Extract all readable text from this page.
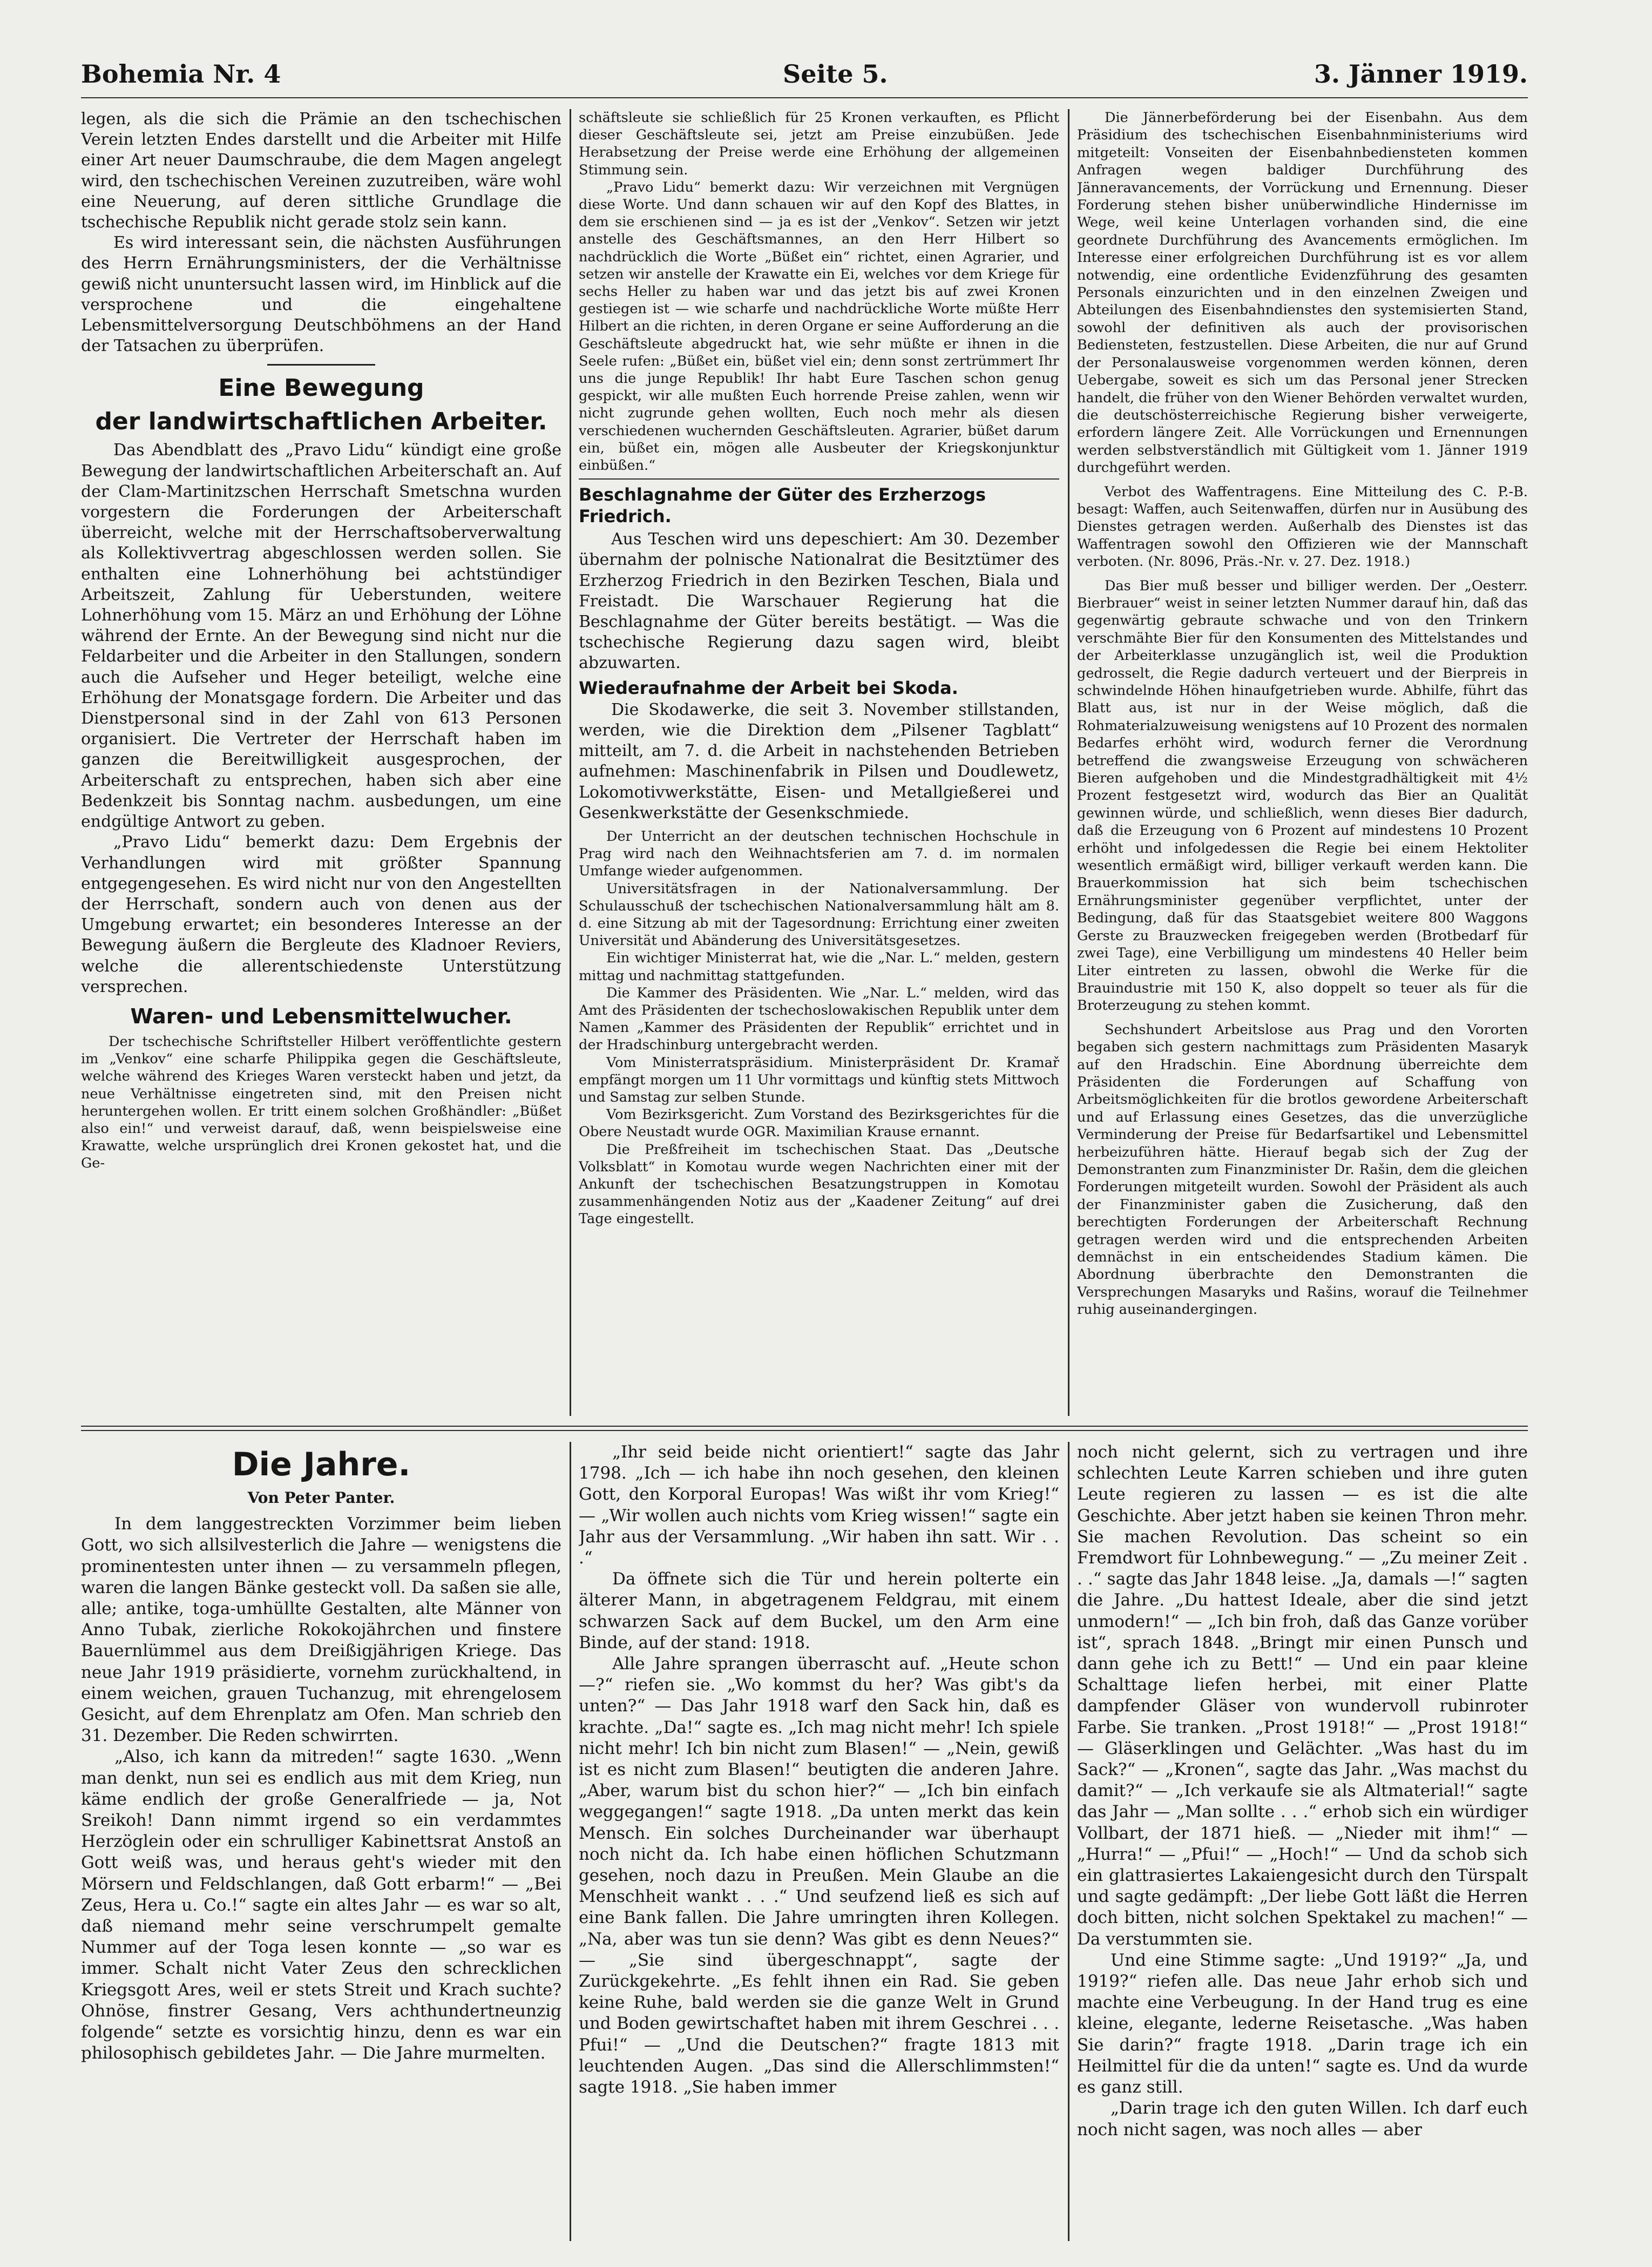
Bohemia Nr. 4	Seite 5.	3. Jänner 1919.

legen, als die sich die Prämie an den tschechischen Verein letzten Endes darstellt und die Arbeiter mit Hilfe einer Art neuer Daumschraube, die dem Magen angelegt wird, den tschechischen Vereinen zuzutreiben, wäre wohl eine Neuerung, auf deren sittliche Grundlage die tschechische Republik nicht gerade stolz sein kann.

Es wird interessant sein, die nächsten Ausführungen des Herrn Ernährungsministers, der die Verhältnisse gewiß nicht ununtersucht lassen wird, im Hinblick auf die versprochene und die eingehaltene Lebensmittelversorgung Deutschböhmens an der Hand der Tatsachen zu überprüfen.

Eine Bewegung
der landwirtschaftlichen Arbeiter.

Das Abendblatt des „Pravo Lidu“ kündigt eine große Bewegung der landwirtschaftlichen Arbeiterschaft an. Auf der Clam-Martinitzschen Herrschaft Smetschna wurden vorgestern die Forderungen der Arbeiterschaft überreicht, welche mit der Herrschaftsoberverwaltung als Kollektivvertrag abgeschlossen werden sollen. Sie enthalten eine Lohnerhöhung bei achtstündiger Arbeitszeit, Zahlung für Ueberstunden, weitere Lohnerhöhung vom 15. März an und Erhöhung der Löhne während der Ernte. An der Bewegung sind nicht nur die Feldarbeiter und die Arbeiter in den Stallungen, sondern auch die Aufseher und Heger beteiligt, welche eine Erhöhung der Monatsgage fordern. Die Arbeiter und das Dienstpersonal sind in der Zahl von 613 Personen organisiert. Die Vertreter der Herrschaft haben im ganzen die Bereitwilligkeit ausgesprochen, der Arbeiterschaft zu entsprechen, haben sich aber eine Bedenkzeit bis Sonntag nachm. ausbedungen, um eine endgültige Antwort zu geben.

„Pravo Lidu“ bemerkt dazu: Dem Ergebnis der Verhandlungen wird mit größter Spannung entgegengesehen. Es wird nicht nur von den Angestellten der Herrschaft, sondern auch von denen aus der Umgebung erwartet; ein besonderes Interesse an der Bewegung äußern die Bergleute des Kladnoer Reviers, welche die allerentschiedenste Unterstützung versprechen.

Waren- und Lebensmittelwucher.

Der tschechische Schriftsteller Hilbert veröffentlichte gestern im „Venkov“ eine scharfe Philippika gegen die Geschäftsleute, welche während des Krieges Waren versteckt haben und jetzt, da neue Verhältnisse eingetreten sind, mit den Preisen nicht heruntergehen wollen. Er tritt einem solchen Großhändler: „Büßet also ein!“ und verweist darauf, daß, wenn beispielsweise eine Krawatte, welche ursprünglich drei Kronen gekostet hat, und die Ge-

schäftsleute sie schließlich für 25 Kronen verkauften, es Pflicht dieser Geschäftsleute sei, jetzt am Preise einzubüßen. Jede Herabsetzung der Preise werde eine Erhöhung der allgemeinen Stimmung sein.

„Pravo Lidu“ bemerkt dazu: Wir verzeichnen mit Vergnügen diese Worte. Und dann schauen wir auf den Kopf des Blattes, in dem sie erschienen sind — ja es ist der „Venkov“. Setzen wir jetzt anstelle des Geschäftsmannes, an den Herr Hilbert so nachdrücklich die Worte „Büßet ein“ richtet, einen Agrarier, und setzen wir anstelle der Krawatte ein Ei, welches vor dem Kriege für sechs Heller zu haben war und das jetzt bis auf zwei Kronen gestiegen ist — wie scharfe und nachdrückliche Worte müßte Herr Hilbert an die richten, in deren Organe er seine Aufforderung an die Geschäftsleute abgedruckt hat, wie sehr müßte er ihnen in die Seele rufen: „Büßet ein, büßet viel ein; denn sonst zertrümmert Ihr uns die junge Republik! Ihr habt Eure Taschen schon genug gespickt, wir alle mußten Euch horrende Preise zahlen, wenn wir nicht zugrunde gehen wollten, Euch noch mehr als diesen verschiedenen wuchernden Geschäftsleuten. Agrarier, büßet darum ein, büßet ein, mögen alle Ausbeuter der Kriegskonjunktur einbüßen.“

Beschlagnahme der Güter des Erzherzogs Friedrich.

Aus Teschen wird uns depeschiert: Am 30. Dezember übernahm der polnische Nationalrat die Besitztümer des Erzherzog Friedrich in den Bezirken Teschen, Biala und Freistadt. Die Warschauer Regierung hat die Beschlagnahme der Güter bereits bestätigt. — Was die tschechische Regierung dazu sagen wird, bleibt abzuwarten.

Wiederaufnahme der Arbeit bei Skoda.

Die Skodawerke, die seit 3. November stillstanden, werden, wie die Direktion dem „Pilsener Tagblatt“ mitteilt, am 7. d. die Arbeit in nachstehenden Betrieben aufnehmen: Maschinenfabrik in Pilsen und Doudlewetz, Lokomotivwerkstätte, Eisen- und Metallgießerei und Gesenkwerkstätte der Gesenkschmiede.

Der Unterricht an der deutschen technischen Hochschule in Prag wird nach den Weihnachtsferien am 7. d. im normalen Umfange wieder aufgenommen.

Universitätsfragen in der Nationalversammlung. Der Schulausschuß der tschechischen Nationalversammlung hält am 8. d. eine Sitzung ab mit der Tagesordnung: Errichtung einer zweiten Universität und Abänderung des Universitätsgesetzes.

Ein wichtiger Ministerrat hat, wie die „Nar. L.“ melden, gestern mittag und nachmittag stattgefunden.

Die Kammer des Präsidenten. Wie „Nar. L.“ melden, wird das Amt des Präsidenten der tschechoslowakischen Republik unter dem Namen „Kammer des Präsidenten der Republik“ errichtet und in der Hradschinburg untergebracht werden.

Vom Ministerratspräsidium. Ministerpräsident Dr. Kramař empfängt morgen um 11 Uhr vormittags und künftig stets Mittwoch und Samstag zur selben Stunde.

Vom Bezirksgericht. Zum Vorstand des Bezirksgerichtes für die Obere Neustadt wurde OGR. Maximilian Krause ernannt.

Die Preßfreiheit im tschechischen Staat. Das „Deutsche Volksblatt“ in Komotau wurde wegen Nachrichten einer mit der Ankunft der tschechischen Besatzungstruppen in Komotau zusammenhängenden Notiz aus der „Kaadener Zeitung“ auf drei Tage eingestellt.

Die Jännerbeförderung bei der Eisenbahn. Aus dem Präsidium des tschechischen Eisenbahnministeriums wird mitgeteilt: Vonseiten der Eisenbahnbediensteten kommen Anfragen wegen baldiger Durchführung des Jänneravancements, der Vorrückung und Ernennung. Dieser Forderung stehen bisher unüberwindliche Hindernisse im Wege, weil keine Unterlagen vorhanden sind, die eine geordnete Durchführung des Avancements ermöglichen. Im Interesse einer erfolgreichen Durchführung ist es vor allem notwendig, eine ordentliche Evidenzführung des gesamten Personals einzurichten und in den einzelnen Zweigen und Abteilungen des Eisenbahndienstes den systemisierten Stand, sowohl der definitiven als auch der provisorischen Bediensteten, festzustellen. Diese Arbeiten, die nur auf Grund der Personalausweise vorgenommen werden können, deren Uebergabe, soweit es sich um das Personal jener Strecken handelt, die früher von den Wiener Behörden verwaltet wurden, die deutschösterreichische Regierung bisher verweigerte, erfordern längere Zeit. Alle Vorrückungen und Ernennungen werden selbstverständlich mit Gültigkeit vom 1. Jänner 1919 durchgeführt werden.

Verbot des Waffentragens. Eine Mitteilung des C. P.-B. besagt: Waffen, auch Seitenwaffen, dürfen nur in Ausübung des Dienstes getragen werden. Außerhalb des Dienstes ist das Waffentragen sowohl den Offizieren wie der Mannschaft verboten. (Nr. 8096, Präs.-Nr. v. 27. Dez. 1918.)

Das Bier muß besser und billiger werden. Der „Oesterr. Bierbrauer“ weist in seiner letzten Nummer darauf hin, daß das gegenwärtig gebraute schwache und von den Trinkern verschmähte Bier für den Konsumenten des Mittelstandes und der Arbeiterklasse unzugänglich ist, weil die Produktion gedrosselt, die Regie dadurch verteuert und der Bierpreis in schwindelnde Höhen hinaufgetrieben wurde. Abhilfe, führt das Blatt aus, ist nur in der Weise möglich, daß die Rohmaterialzuweisung wenigstens auf 10 Prozent des normalen Bedarfes erhöht wird, wodurch ferner die Verordnung betreffend die zwangsweise Erzeugung von schwächeren Bieren aufgehoben und die Mindestgradhältigkeit mit 4½ Prozent festgesetzt wird, wodurch das Bier an Qualität gewinnen würde, und schließlich, wenn dieses Bier dadurch, daß die Erzeugung von 6 Prozent auf mindestens 10 Prozent erhöht und infolgedessen die Regie bei einem Hektoliter wesentlich ermäßigt wird, billiger verkauft werden kann. Die Brauerkommission hat sich beim tschechischen Ernährungsminister gegenüber verpflichtet, unter der Bedingung, daß für das Staatsgebiet weitere 800 Waggons Gerste zu Brauzwecken freigegeben werden (Brotbedarf für zwei Tage), eine Verbilligung um mindestens 40 Heller beim Liter eintreten zu lassen, obwohl die Werke für die Brauindustrie mit 150 K, also doppelt so teuer als für die Broterzeugung zu stehen kommt.

Sechshundert Arbeitslose aus Prag und den Vororten begaben sich gestern nachmittags zum Präsidenten Masaryk auf den Hradschin. Eine Abordnung überreichte dem Präsidenten die Forderungen auf Schaffung von Arbeitsmöglichkeiten für die brotlos gewordene Arbeiterschaft und auf Erlassung eines Gesetzes, das die unverzügliche Verminderung der Preise für Bedarfsartikel und Lebensmittel herbeizuführen hätte. Hierauf begab sich der Zug der Demonstranten zum Finanzminister Dr. Rašin, dem die gleichen Forderungen mitgeteilt wurden. Sowohl der Präsident als auch der Finanzminister gaben die Zusicherung, daß den berechtigten Forderungen der Arbeiterschaft Rechnung getragen werden wird und die entsprechenden Arbeiten demnächst in ein entscheidendes Stadium kämen. Die Abordnung überbrachte den Demonstranten die Versprechungen Masaryks und Rašins, worauf die Teilnehmer ruhig auseinandergingen.

Die Jahre.
Von Peter Panter.

In dem langgestreckten Vorzimmer beim lieben Gott, wo sich allsilvesterlich die Jahre — wenigstens die prominentesten unter ihnen — zu versammeln pflegen, waren die langen Bänke gesteckt voll. Da saßen sie alle, alle; antike, toga-umhüllte Gestalten, alte Männer von Anno Tubak, zierliche Rokokojährchen und finstere Bauernlümmel aus dem Dreißigjährigen Kriege. Das neue Jahr 1919 präsidierte, vornehm zurückhaltend, in einem weichen, grauen Tuchanzug, mit ehrengelosem Gesicht, auf dem Ehrenplatz am Ofen. Man schrieb den 31. Dezember. Die Reden schwirrten.

„Also, ich kann da mitreden!“ sagte 1630. „Wenn man denkt, nun sei es endlich aus mit dem Krieg, nun käme endlich der große Generalfriede — ja, Not Sreikoh! Dann nimmt irgend so ein verdammtes Herzöglein oder ein schrulliger Kabinettsrat Anstoß an Gott weiß was, und heraus geht's wieder mit den Mörsern und Feldschlangen, daß Gott erbarm!“ — „Bei Zeus, Hera u. Co.!“ sagte ein altes Jahr — es war so alt, daß niemand mehr seine verschrumpelt gemalte Nummer auf der Toga lesen konnte — „so war es immer. Schalt nicht Vater Zeus den schrecklichen Kriegsgott Ares, weil er stets Streit und Krach suchte? Ohnöse, finstrer Gesang, Vers achthundertneunzig folgende“ setzte es vorsichtig hinzu, denn es war ein philosophisch gebildetes Jahr. — Die Jahre murmelten.

„Ihr seid beide nicht orientiert!“ sagte das Jahr 1798. „Ich — ich habe ihn noch gesehen, den kleinen Gott, den Korporal Europas! Was wißt ihr vom Krieg!“ — „Wir wollen auch nichts vom Krieg wissen!“ sagte ein Jahr aus der Versammlung. „Wir haben ihn satt. Wir . . .“

Da öffnete sich die Tür und herein polterte ein älterer Mann, in abgetragenem Feldgrau, mit einem schwarzen Sack auf dem Buckel, um den Arm eine Binde, auf der stand: 1918.

Alle Jahre sprangen überrascht auf. „Heute schon —?“ riefen sie. „Wo kommst du her? Was gibt's da unten?“ — Das Jahr 1918 warf den Sack hin, daß es krachte. „Da!“ sagte es. „Ich mag nicht mehr! Ich spiele nicht mehr! Ich bin nicht zum Blasen!“ — „Nein, gewiß ist es nicht zum Blasen!“ beutigten die anderen Jahre. „Aber, warum bist du schon hier?“ — „Ich bin einfach weggegangen!“ sagte 1918. „Da unten merkt das kein Mensch. Ein solches Durcheinander war überhaupt noch nicht da. Ich habe einen höflichen Schutzmann gesehen, noch dazu in Preußen. Mein Glaube an die Menschheit wankt . . .“ Und seufzend ließ es sich auf eine Bank fallen. Die Jahre umringten ihren Kollegen. „Na, aber was tun sie denn? Was gibt es denn Neues?“ — „Sie sind übergeschnappt“, sagte der Zurückgekehrte. „Es fehlt ihnen ein Rad. Sie geben keine Ruhe, bald werden sie die ganze Welt in Grund und Boden gewirtschaftet haben mit ihrem Geschrei . . . Pfui!“ — „Und die Deutschen?“ fragte 1813 mit leuchtenden Augen. „Das sind die Allerschlimmsten!“ sagte 1918. „Sie haben immer

noch nicht gelernt, sich zu vertragen und ihre schlechten Leute Karren schieben und ihre guten Leute regieren zu lassen — es ist die alte Geschichte. Aber jetzt haben sie keinen Thron mehr. Sie machen Revolution. Das scheint so ein Fremdwort für Lohnbewegung.“ — „Zu meiner Zeit . . .“ sagte das Jahr 1848 leise. „Ja, damals —!“ sagten die Jahre. „Du hattest Ideale, aber die sind jetzt unmodern!“ — „Ich bin froh, daß das Ganze vorüber ist“, sprach 1848. „Bringt mir einen Punsch und dann gehe ich zu Bett!“ — Und ein paar kleine Schalttage liefen herbei, mit einer Platte dampfender Gläser von wundervoll rubinroter Farbe. Sie tranken. „Prost 1918!“ — „Prost 1918!“ — Gläserklingen und Gelächter. „Was hast du im Sack?“ — „Kronen“, sagte das Jahr. „Was machst du damit?“ — „Ich verkaufe sie als Altmaterial!“ sagte das Jahr — „Man sollte . . .“ erhob sich ein würdiger Vollbart, der 1871 hieß. — „Nieder mit ihm!“ — „Hurra!“ — „Pfui!“ — „Hoch!“ — Und da schob sich ein glattrasiertes Lakaiengesicht durch den Türspalt und sagte gedämpft: „Der liebe Gott läßt die Herren doch bitten, nicht solchen Spektakel zu machen!“ — Da verstummten sie.

Und eine Stimme sagte: „Und 1919?“ „Ja, und 1919?“ riefen alle. Das neue Jahr erhob sich und machte eine Verbeugung. In der Hand trug es eine kleine, elegante, lederne Reisetasche. „Was haben Sie darin?“ fragte 1918. „Darin trage ich ein Heilmittel für die da unten!“ sagte es. Und da wurde es ganz still.

„Darin trage ich den guten Willen. Ich darf euch noch nicht sagen, was noch alles — aber
